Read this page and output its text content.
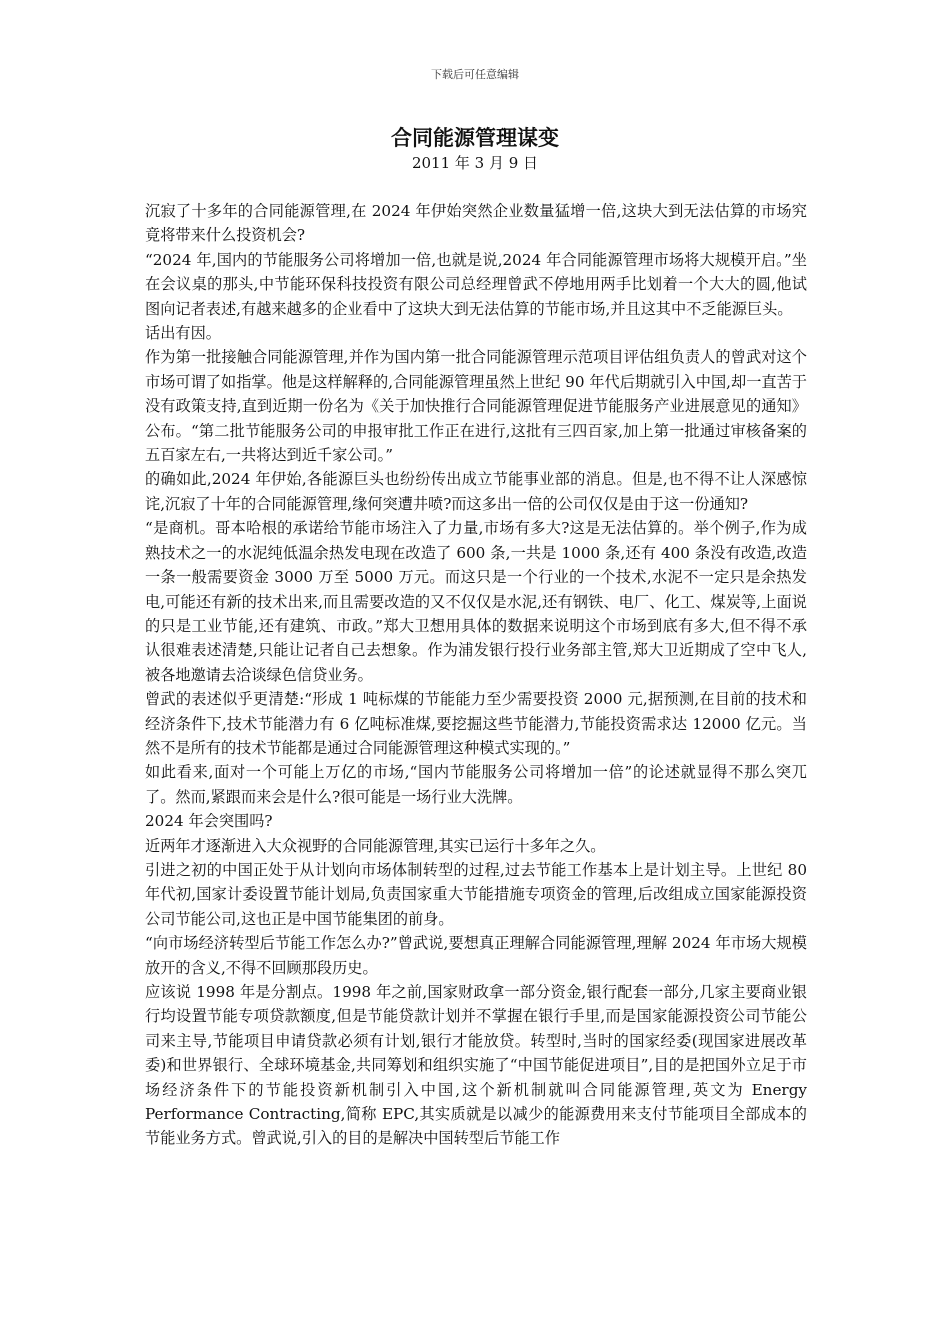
下载后可任意编辑
合同能源管理谋变
2011 年 3 月 9 日

沉寂了十多年的合同能源管理,在 2024 年伊始突然企业数量猛增一倍,这块大到无法估算的市场究竟将带来什么投资机会?

“2024 年,国内的节能服务公司将增加一倍,也就是说,2024 年合同能源管理市场将大规模开启。”坐在会议桌的那头,中节能环保科技投资有限公司总经理曾武不停地用两手比划着一个大大的圆,他试图向记者表述,有越来越多的企业看中了这块大到无法估算的节能市场,并且这其中不乏能源巨头。

话出有因。

作为第一批接触合同能源管理,并作为国内第一批合同能源管理示范项目评估组负责人的曾武对这个市场可谓了如指掌。他是这样解释的,合同能源管理虽然上世纪 90 年代后期就引入中国,却一直苦于没有政策支持,直到近期一份名为《关于加快推行合同能源管理促进节能服务产业进展意见的通知》公布。“第二批节能服务公司的申报审批工作正在进行,这批有三四百家,加上第一批通过审核备案的五百家左右,一共将达到近千家公司。”

的确如此,2024 年伊始,各能源巨头也纷纷传出成立节能事业部的消息。但是,也不得不让人深感惊诧,沉寂了十年的合同能源管理,缘何突遭井喷?而这多出一倍的公司仅仅是由于这一份通知?

“是商机。哥本哈根的承诺给节能市场注入了力量,市场有多大?这是无法估算的。举个例子,作为成熟技术之一的水泥纯低温余热发电现在改造了 600 条,一共是 1000 条,还有 400 条没有改造,改造一条一般需要资金 3000 万至 5000 万元。而这只是一个行业的一个技术,水泥不一定只是余热发电,可能还有新的技术出来,而且需要改造的又不仅仅是水泥,还有钢铁、电厂、化工、煤炭等,上面说的只是工业节能,还有建筑、市政。”郑大卫想用具体的数据来说明这个市场到底有多大,但不得不承认很难表述清楚,只能让记者自己去想象。作为浦发银行投行业务部主管,郑大卫近期成了空中飞人,被各地邀请去洽谈绿色信贷业务。

曾武的表述似乎更清楚:“形成 1 吨标煤的节能能力至少需要投资 2000 元,据预测,在目前的技术和经济条件下,技术节能潜力有 6 亿吨标准煤,要挖掘这些节能潜力,节能投资需求达 12000 亿元。当然不是所有的技术节能都是通过合同能源管理这种模式实现的。”

如此看来,面对一个可能上万亿的市场,“国内节能服务公司将增加一倍”的论述就显得不那么突兀了。然而,紧跟而来会是什么?很可能是一场行业大洗牌。

2024 年会突围吗?

近两年才逐渐进入大众视野的合同能源管理,其实已运行十多年之久。

引进之初的中国正处于从计划向市场体制转型的过程,过去节能工作基本上是计划主导。上世纪 80 年代初,国家计委设置节能计划局,负责国家重大节能措施专项资金的管理,后改组成立国家能源投资公司节能公司,这也正是中国节能集团的前身。

“向市场经济转型后节能工作怎么办?”曾武说,要想真正理解合同能源管理,理解 2024 年市场大规模放开的含义,不得不回顾那段历史。

应该说 1998 年是分割点。1998 年之前,国家财政拿一部分资金,银行配套一部分,几家主要商业银行均设置节能专项贷款额度,但是节能贷款计划并不掌握在银行手里,而是国家能源投资公司节能公司来主导,节能项目申请贷款必须有计划,银行才能放贷。转型时,当时的国家经委(现国家进展改革委)和世界银行、全球环境基金,共同筹划和组织实施了“中国节能促进项目”,目的是把国外立足于市场经济条件下的节能投资新机制引入中国,这个新机制就叫合同能源管理,英文为 Energy Performance Contracting,简称 EPC,其实质就是以减少的能源费用来支付节能项目全部成本的节能业务方式。曾武说,引入的目的是解决中国转型后节能工作
